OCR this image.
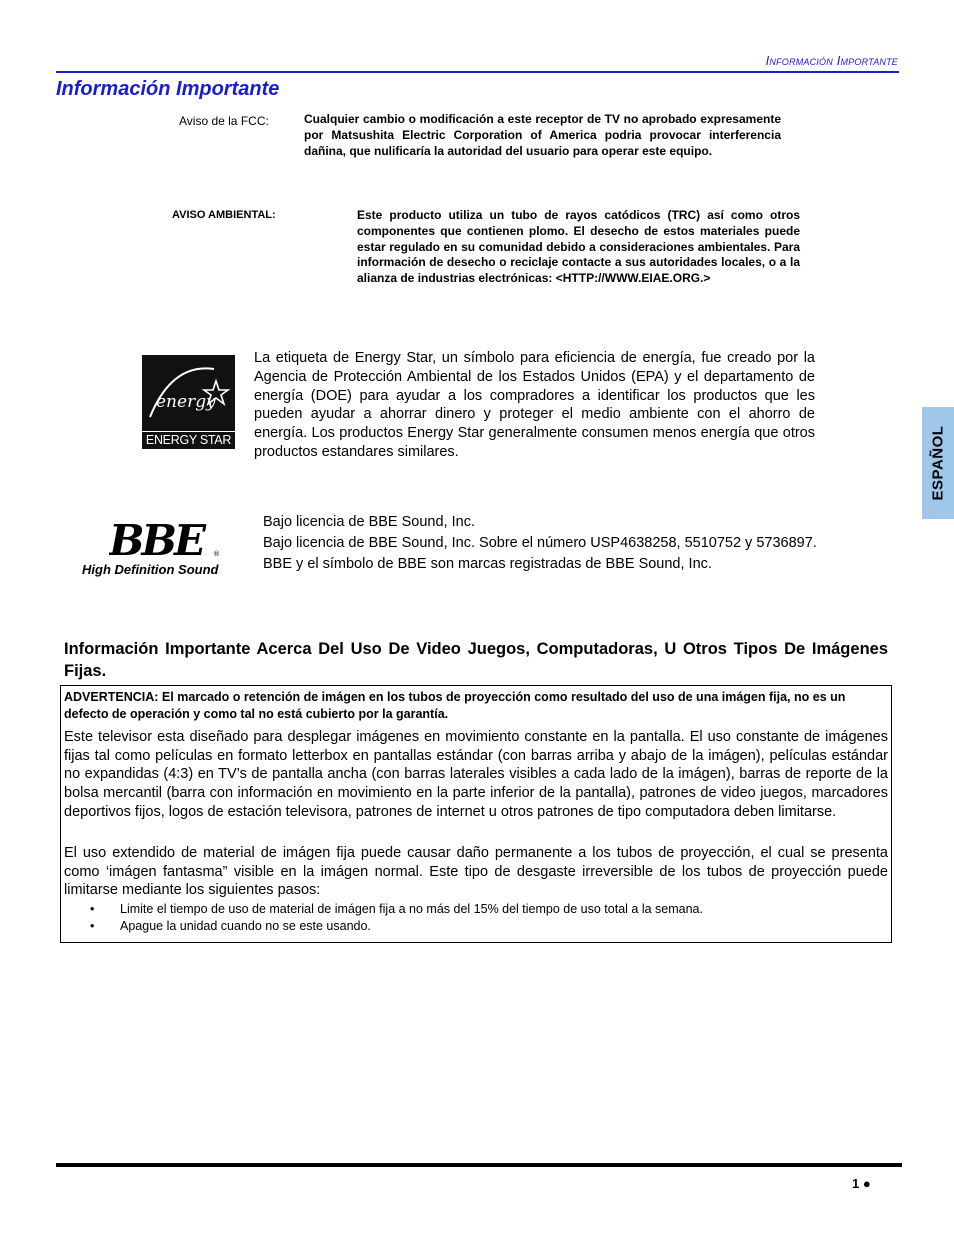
Información Importante
Información Importante
Aviso de la FCC:	Cualquier cambio o modificación a este receptor de TV no aprobado expresamente por Matsushita Electric Corporation of America podria provocar interferencia dañina, que nulificaría la autoridad del usuario para operar este equipo.
AVISO AMBIENTAL:	Este producto utiliza un tubo de rayos catódicos (TRC) así como otros componentes que contienen plomo. El desecho de estos materiales puede estar regulado en su comunidad debido a consideraciones ambientales. Para información de desecho o reciclaje contacte a sus autoridades locales, o a la alianza de industrias electrónicas: <HTTP://WWW.EIAE.ORG.>
energy
ENERGY STAR
La etiqueta de Energy Star, un símbolo para eficiencia de energía, fue creado por la Agencia de Protección Ambiental de los Estados Unidos (EPA) y el departamento de energía (DOE) para ayudar a los compradores a identificar los productos que les pueden ayudar a ahorrar dinero y proteger el medio ambiente con el ahorro de energía. Los productos Energy Star generalmente consumen menos energía que otros productos estandares similares.
BBE	®
High Definition Sound

Bajo licencia de BBE Sound, Inc.

Bajo licencia de BBE Sound, Inc. Sobre el número USP4638258, 5510752 y 5736897.

BBE y el símbolo de BBE son marcas registradas de BBE Sound, Inc.

Información Importante Acerca Del Uso De Video Juegos, Computadoras, U Otros Tipos De Imágenes Fijas.
ADVERTENCIA: El marcado o retención de imágen en los tubos de proyección como resultado del uso de una imágen fija, no es un defecto de operación y como tal no está cubierto por la garantía.
Este televisor esta diseñado para desplegar imágenes en movimiento constante en la pantalla. El uso constante de imágenes fijas tal como películas en formato letterbox en pantallas estándar (con barras arriba y abajo de la imágen), películas estándar no expandidas (4:3) en TV’s de pantalla ancha (con barras laterales visibles a cada lado de la imágen), barras de reporte de la bolsa mercantil (barra con información en movimiento en la parte inferior de la pantalla), patrones de video juegos, marcadores deportivos fijos, logos de estación televisora, patrones de internet u otros patrones de tipo computadora deben limitarse.
El uso extendido de material de imágen fija puede causar daño permanente a los tubos de proyección, el cual se presenta como ‘imágen fantasma” visible en la imágen normal. Este tipo de desgaste irreversible de los tubos de proyección puede limitarse mediante los siguientes pasos:
•	Limite el tiempo de uso de material de imágen fija a no más del 15% del tiempo de uso total a la semana.
•	Apague la unidad cuando no se este usando.
ESPAÑOL
1 ●
